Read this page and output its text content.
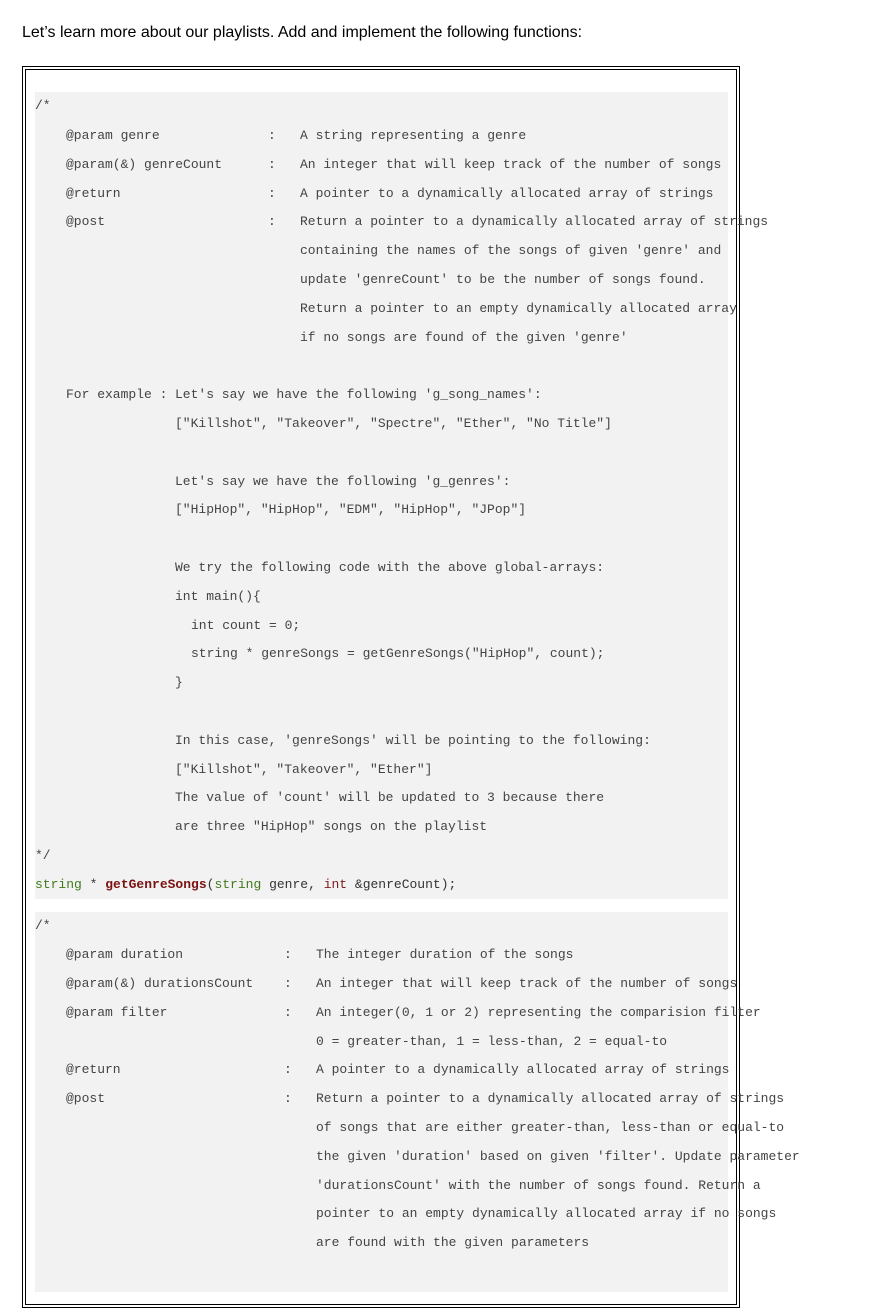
Let’s learn more about our playlists. Add and implement the following functions:
/*
@param genre	: A string representing a genre
@param(&) genreCount	: An integer that will keep track of the number of songs
@return	: A pointer to a dynamically allocated array of strings
@post	: Return a pointer to a dynamically allocated array of strings
containing the names of the songs of given 'genre' and
update 'genreCount' to be the number of songs found.
Return a pointer to an empty dynamically allocated array
if no songs are found of the given 'genre'
For example : Let's say we have the following 'g_song_names':
["Killshot", "Takeover", "Spectre", "Ether", "No Title"]
Let's say we have the following 'g_genres':
["HipHop", "HipHop", "EDM", "HipHop", "JPop"]
We try the following code with the above global-arrays:
int main(){
int count = 0;
string * genreSongs = getGenreSongs("HipHop", count);
}
In this case, 'genreSongs' will be pointing to the following:
["Killshot", "Takeover", "Ether"]
The value of 'count' will be updated to 3 because there
are three "HipHop" songs on the playlist
*/
string * getGenreSongs(string genre, int &genreCount);
/*
@param duration	: The integer duration of the songs
@param(&) durationsCount : An integer that will keep track of the number of songs
@param filter	: An integer(0, 1 or 2) representing the comparision filter
0 = greater-than, 1 = less-than, 2 = equal-to
@return	: A pointer to a dynamically allocated array of strings
@post	: Return a pointer to a dynamically allocated array of strings
of songs that are either greater-than, less-than or equal-to
the given 'duration' based on given 'filter'. Update parameter
'durationsCount' with the number of songs found. Return a
pointer to an empty dynamically allocated array if no songs
are found with the given parameters
